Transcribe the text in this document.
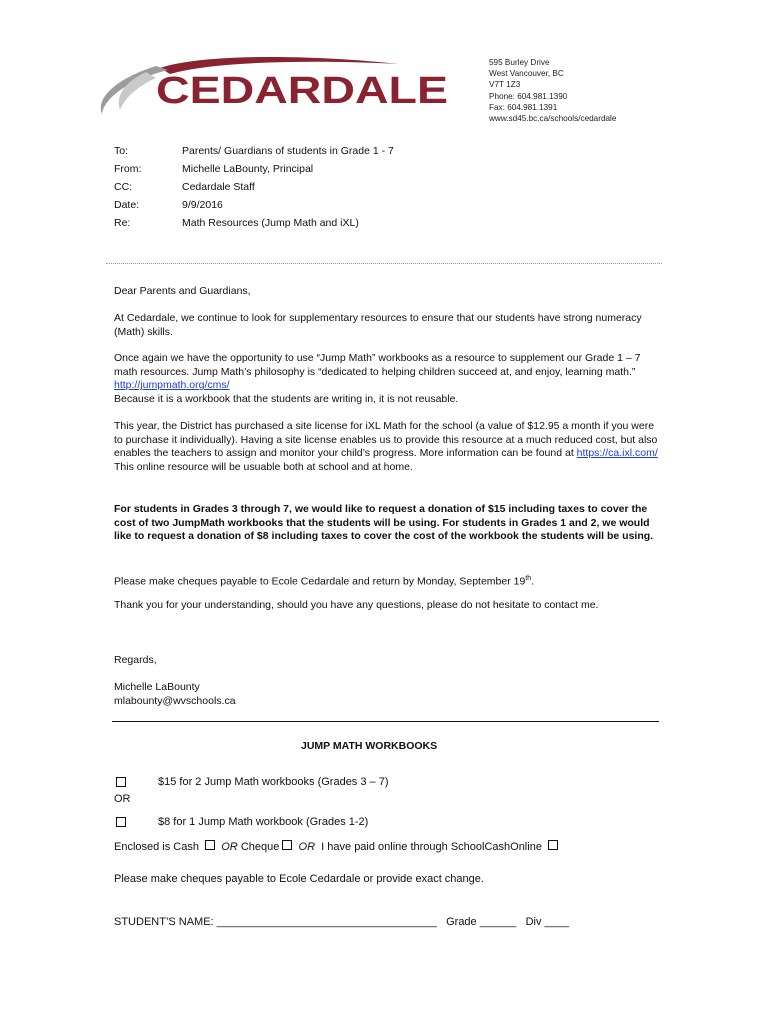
CEDARDALE
595 Burley Drive
West Vancouver, BC
V7T 1Z3
Phone: 604.981.1390
Fax: 604.981.1391
www.sd45.bc.ca/schools/cedardale
To:	Parents/ Guardians of students in Grade 1 - 7
From:	Michelle LaBounty, Principal
CC:	Cedardale Staff
Date:	9/9/2016
Re:	Math Resources (Jump Math and iXL)
Dear Parents and Guardians,

At Cedardale, we continue to look for supplementary resources to ensure that our students have strong numeracy (Math) skills.

Once again we have the opportunity to use “Jump Math” workbooks as a resource to supplement our Grade 1 – 7 math resources. Jump Math’s philosophy is “dedicated to helping children succeed at, and enjoy, learning math.” http://jumpmath.org/cms/
Because it is a workbook that the students are writing in, it is not reusable.

This year, the District has purchased a site license for iXL Math for the school (a value of $12.95 a month if you were to purchase it individually). Having a site license enables us to provide this resource at a much reduced cost, but also enables the teachers to assign and monitor your child’s progress. More information can be found at https://ca.ixl.com/ This online resource will be usuable both at school and at home.

For students in Grades 3 through 7, we would like to request a donation of $15 including taxes to cover the cost of two JumpMath workbooks that the students will be using. For students in Grades 1 and 2, we would like to request a donation of $8 including taxes to cover the cost of the workbook the students will be using.

Please make cheques payable to Ecole Cedardale and return by Monday, September 19th.

Thank you for your understanding, should you have any questions, please do not hesitate to contact me.

Regards,
Michelle LaBounty
mlabounty@wvschools.ca
JUMP MATH WORKBOOKS
$15 for 2 Jump Math workbooks (Grades 3 – 7)
OR
$8 for 1 Jump Math workbook (Grades 1-2)
Enclosed is Cash OR Cheque OR I have paid online through SchoolCashOnline
Please make cheques payable to Ecole Cedardale or provide exact change.
STUDENT’S NAME: ____________________________________ Grade ______ Div ____
